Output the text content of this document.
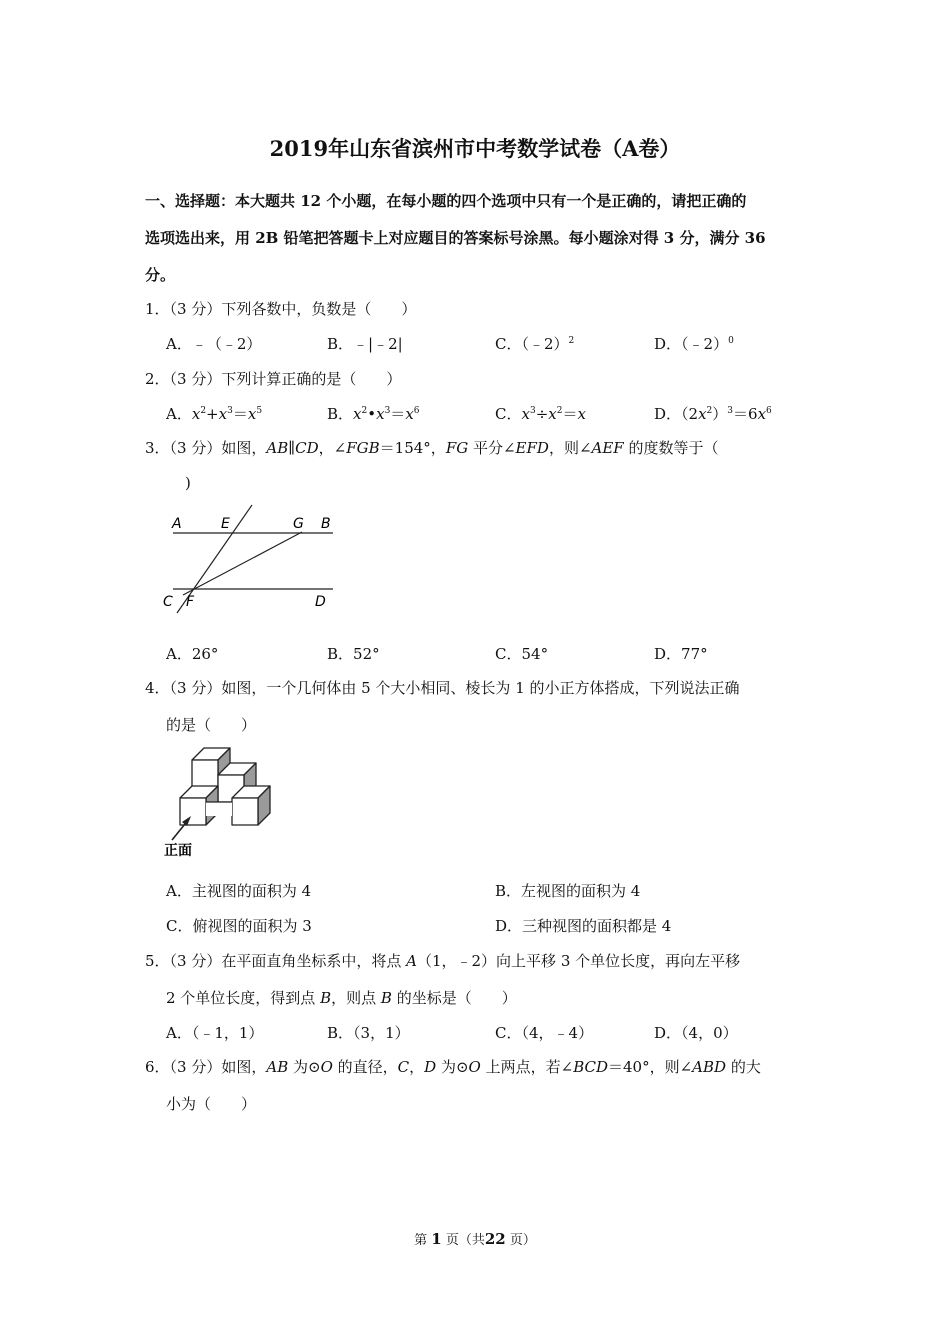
2019年山东省滨州市中考数学试卷（A卷）
一、选择题：本大题共 12 个小题，在每小题的四个选项中只有一个是正确的，请把正确的
选项选出来，用 2B 铅笔把答题卡上对应题目的答案标号涂黑。每小题涂对得 3 分，满分 36
分。
1．（3 分）下列各数中，负数是（　　）
A．﹣（﹣2）	B．﹣|﹣2|	C．（﹣2）$^2$	D．（﹣2）$^0$
2．（3 分）下列计算正确的是（　　）
A．$x^2+x^3=x^5$	B．$x^2•x^3=x^6$	C．$x^3\div x^2=x$	D．$(2x^2)^3=6x^6$
3．（3 分）如图，AB∥CD，∠FGB＝154°，FG 平分∠EFD，则∠AEF 的度数等于（
)
A	E	G B
C F	D
A．26°	B．52°	C．54°	D．77°
4．（3 分）如图，一个几何体由 5 个大小相同、棱长为 1 的小正方体搭成，下列说法正确
的是（　　）
正面
A．主视图的面积为 4	B．左视图的面积为 4
C．俯视图的面积为 3	D．三种视图的面积都是 4
5．（3 分）在平面直角坐标系中，将点 A（1，﹣2）向上平移 3 个单位长度，再向左平移
2 个单位长度，得到点 B，则点 B 的坐标是（　　）
A．（﹣1，1）	B．（3，1）	C．（4，﹣4）	D．（4，0）
6．（3 分）如图，AB 为⊙O 的直径，C，D 为⊙O 上两点，若∠BCD＝40°，则∠ABD 的大
小为（　　）
第 1 页（共22 页）
